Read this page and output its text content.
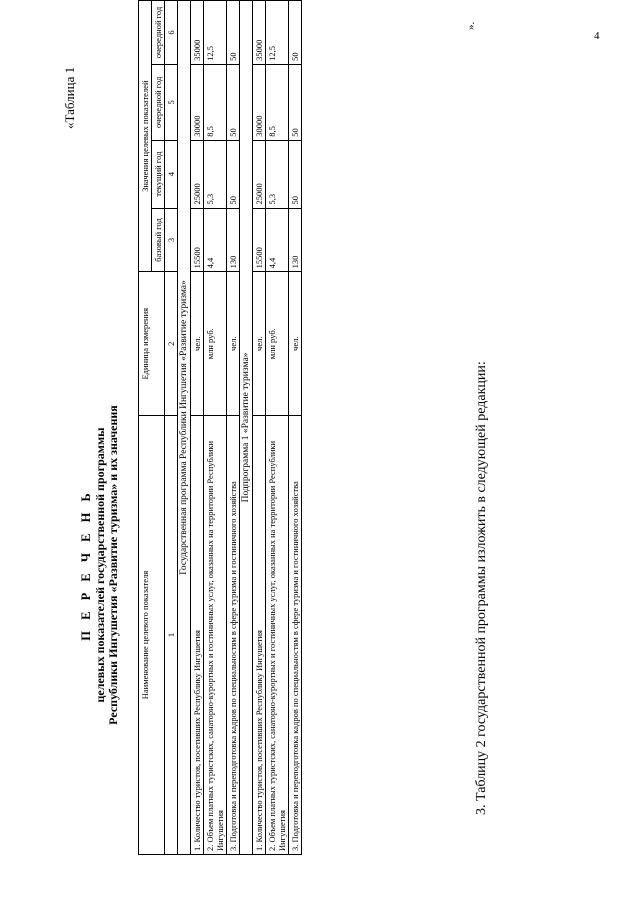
4
«Таблица 1
П Е Р Е Ч Е Н Ь целевых показателей государственной программы Республики Ингушетия «Развитие туризма» и их значения Наименование целевого показателя	Единица измерения	Значения целевых показателей			
		базовый год	текущий год	очередной год	очередной год
1	2	3	4	5	6
Государственная программа Республики Ингушетия «Развитие туризма»					
1. Количество туристов, посетивших Республику Ингушетия	чел.	15500	25000	30000	35000
2. Объем платных туристских, санаторно-курортных и гостиничных услуг, оказанных на территории Республики Ингушетия	млн руб.	4,4	5,3	8,5	12,5
3. Подготовка и переподготовка кадров по специальностям в сфере туризма и гостиничного хозяйства	чел.	130	50	50	50
Подпрограмма 1 «Развитие туризма»					
1. Количество туристов, посетивших Республику Ингушетия	чел.	15500	25000	30000	35000
2. Объем платных туристских, санаторно-курортных и гостиничных услуг, оказанных на территории Республики Ингушетия	млн руб.	4,4	5,3	8,5	12,5
3. Подготовка и переподготовка кадров по специальностям в сфере туризма и гостиничного хозяйства	чел.	130	50	50	50
».
3. Таблицу 2 государственной программы изложить в следующей редакции:
